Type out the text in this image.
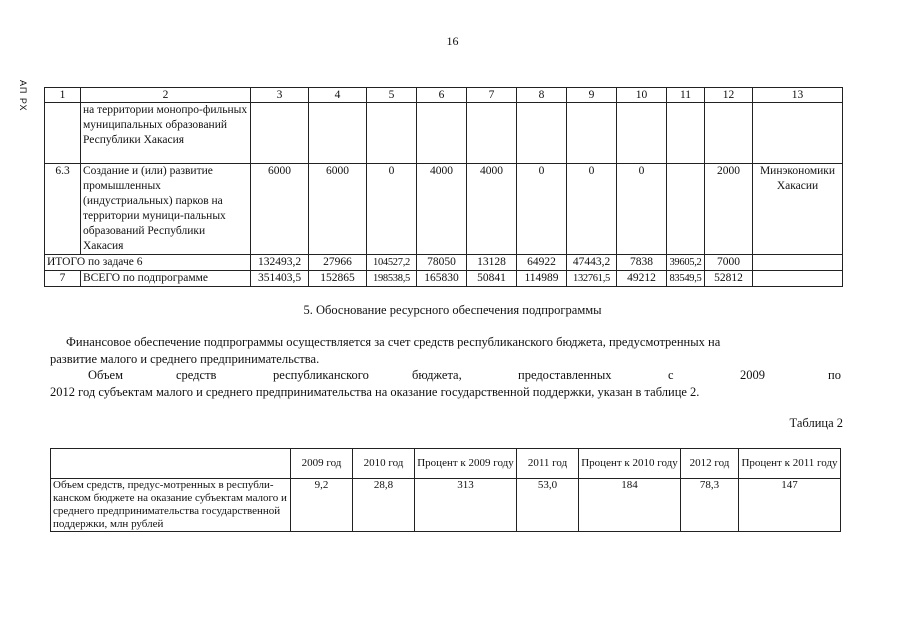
16
АП РХ	1	2	3	4	5	6	7	8	9	10	11	12	13
	на территории монопро-фильных муниципальных образований Республики Хакасия											
6.3	Создание и (или) развитие промышленных (индустриальных) парков на территории муници-пальных образований Республики Хакасия	6000	6000	0	4000	4000	0	0	0		2000	Минэкономики Хакасии
ИТОГО по задаче 6		132493,2	27966	104527,2	78050	13128	64922	47443,2	7838	39605,2	7000	
7	ВСЕГО по подпрограмме	351403,5	152865	198538,5	165830	50841	114989	132761,5	49212	83549,5	52812	
5. Обоснование ресурсного обеспечения подпрограммы
Финансовое обеспечение подпрограммы осуществляется за счет средств республиканского бюджета, предусмотренных на
развитие малого и среднего предпринимательства.
Объем	средств	республиканского	бюджета,	предоставленных	с	2009	по
2012 год субъектам малого и среднего предпринимательства на оказание государственной поддержки, указан в таблице 2.
Таблица 2
	2009 год	2010 год	Процент к 2009 году	2011 год	Процент к 2010 году	2012 год	Процент к 2011 году
Объем средств, предус-мотренных в республи-канском бюджете на оказание субъектам малого и среднего предпринимательства государственной поддержки, млн рублей	9,2	28,8	313	53,0	184	78,3	147
